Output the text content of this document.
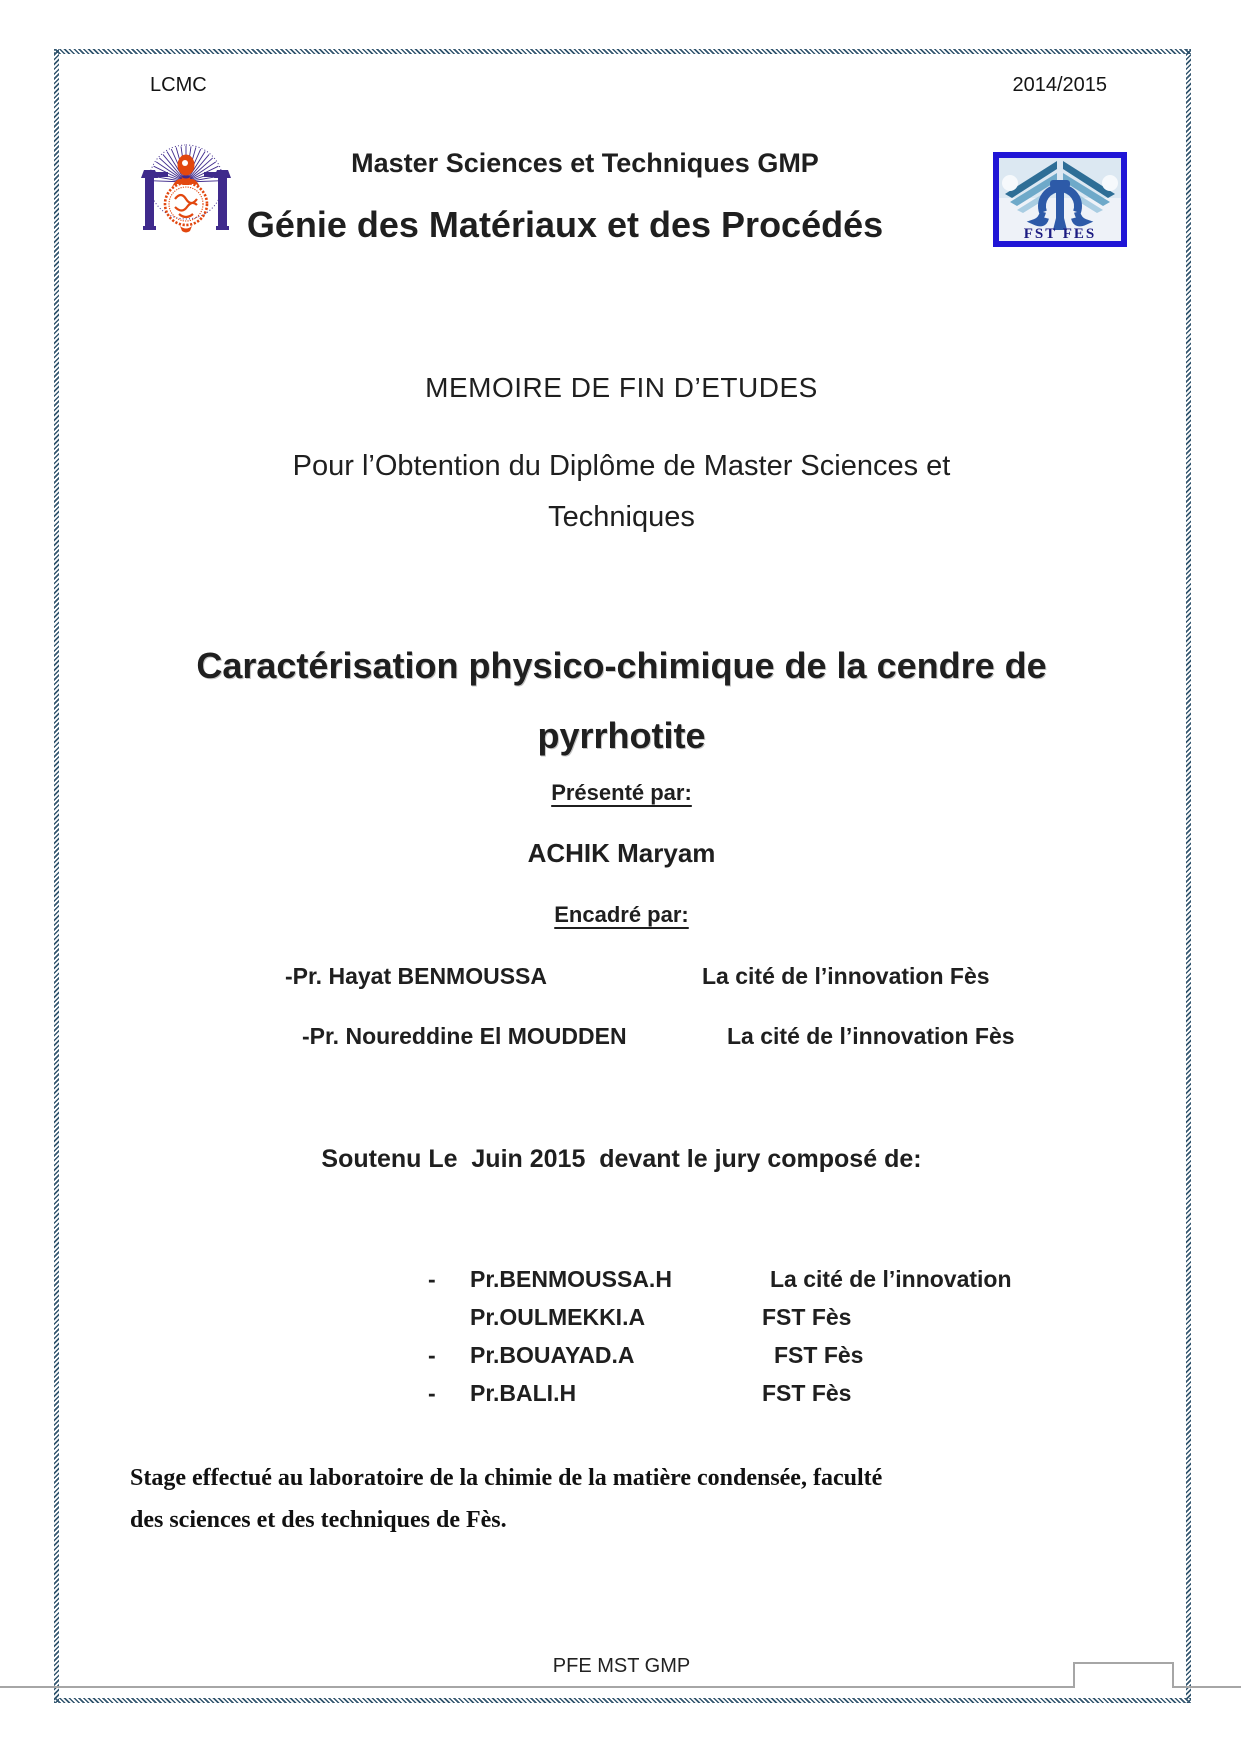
LCMC	2014/2015
Master Sciences et Techniques GMP
Génie des Matériaux et des Procédés	FST FES
MEMOIRE DE FIN D’ETUDES
Pour l’Obtention du Diplôme de Master Sciences et
Techniques
Caractérisation physico-chimique de la cendre de
pyrrhotite
Présenté par:
ACHIK Maryam
Encadré par:
-Pr. Hayat BENMOUSSA	La cité de l’innovation Fès
-Pr. Noureddine El MOUDDEN	La cité de l’innovation Fès
Soutenu Le  Juin 2015  devant le jury composé de:
- Pr.BENMOUSSA.H	La cité de l’innovation
Pr.OULMEKKI.A	FST Fès
- Pr.BOUAYAD.A	FST Fès
- Pr.BALI.H	FST Fès
Stage effectué au laboratoire de la chimie de la matière condensée, faculté
des sciences et des techniques de Fès.
PFE MST GMP
